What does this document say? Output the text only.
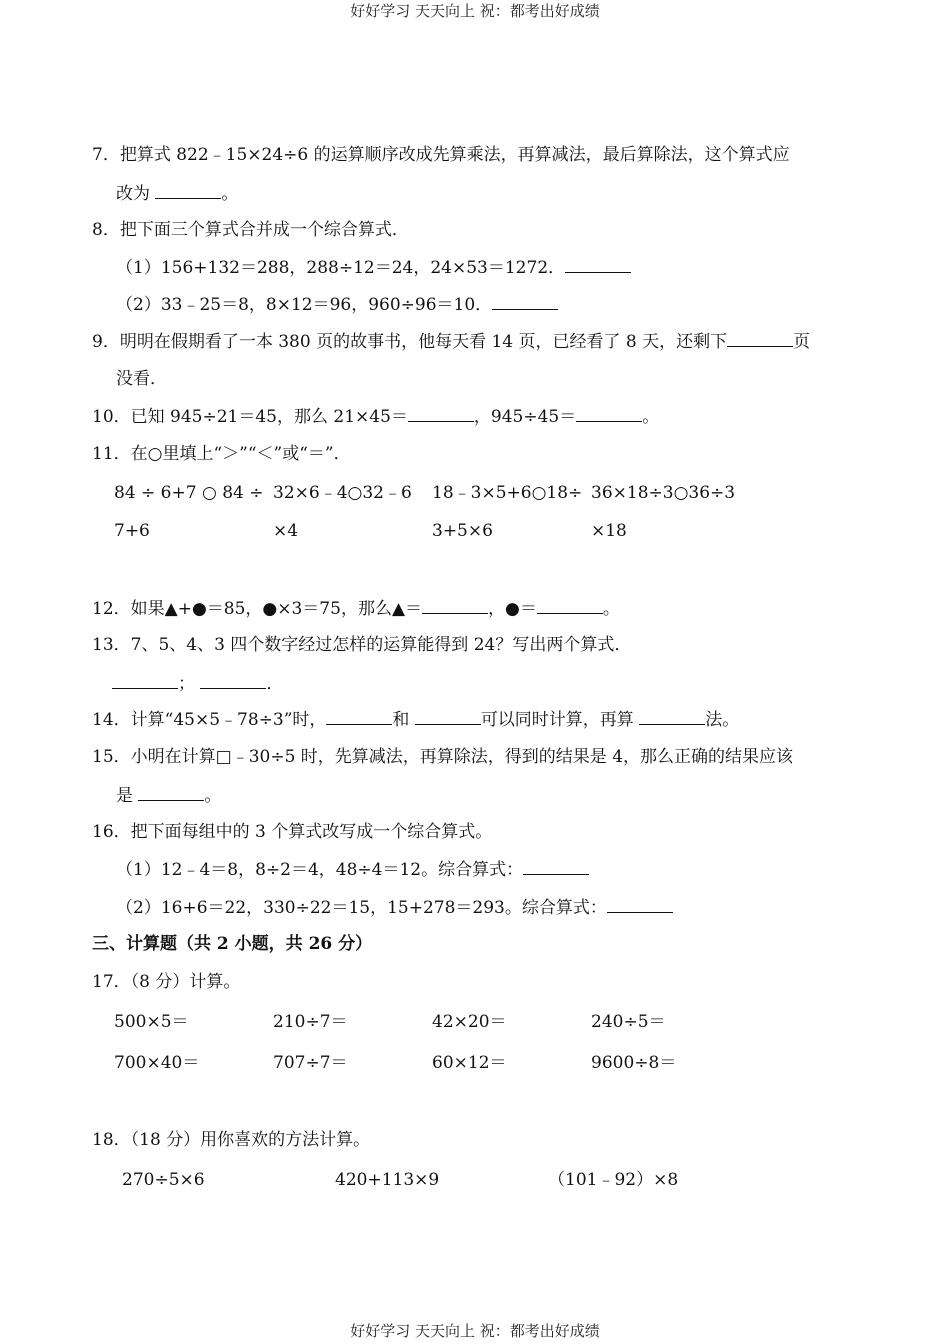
好好学习 天天向上 祝：都考出好成绩
7．把算式 822﹣15×24÷6 的运算顺序改成先算乘法，再算减法，最后算除法，这个算式应
改为	。
8．把下面三个算式合并成一个综合算式．
（1）156+132＝288，288÷12＝24，24×53＝1272．
（2）33﹣25＝8，8×12＝96，960÷96＝10．
9．明明在假期看了一本 380 页的故事书，他每天看 14 页，已经看了 8 天，还剩下	页
没看．
10．已知 945÷21＝45，那么 21×45＝	，945÷45＝	。
11．在○里填上“＞”“＜”或“＝”．
84 ÷ 6+7 ○ 84 ÷ 32×6﹣4○32﹣6 18﹣3×5+6○18÷ 36×18÷3○36÷3
7+6	×4	3+5×6	×18
12．如果▲+●＝85，●×3＝75，那么▲＝	，●＝	。
13．7、5、4、3 四个数字经过怎样的运算能得到 24？写出两个算式．
；	．
14．计算“45×5﹣78÷3”时，	和	可以同时计算，再算	法。
15．小明在计算□﹣30÷5 时，先算减法，再算除法，得到的结果是 4，那么正确的结果应该
是	。
16．把下面每组中的 3 个算式改写成一个综合算式。
（1）12﹣4＝8，8÷2＝4，48÷4＝12。综合算式：
（2）16+6＝22，330÷22＝15，15+278＝293。综合算式：
三、计算题（共 2 小题，共 26 分）
17．（8 分）计算。
500×5＝	210÷7＝	42×20＝	240÷5＝
700×40＝	707÷7＝	60×12＝	9600÷8＝
18．（18 分）用你喜欢的方法计算。
270÷5×6	420+113×9	（101﹣92）×8
好好学习 天天向上 祝：都考出好成绩
